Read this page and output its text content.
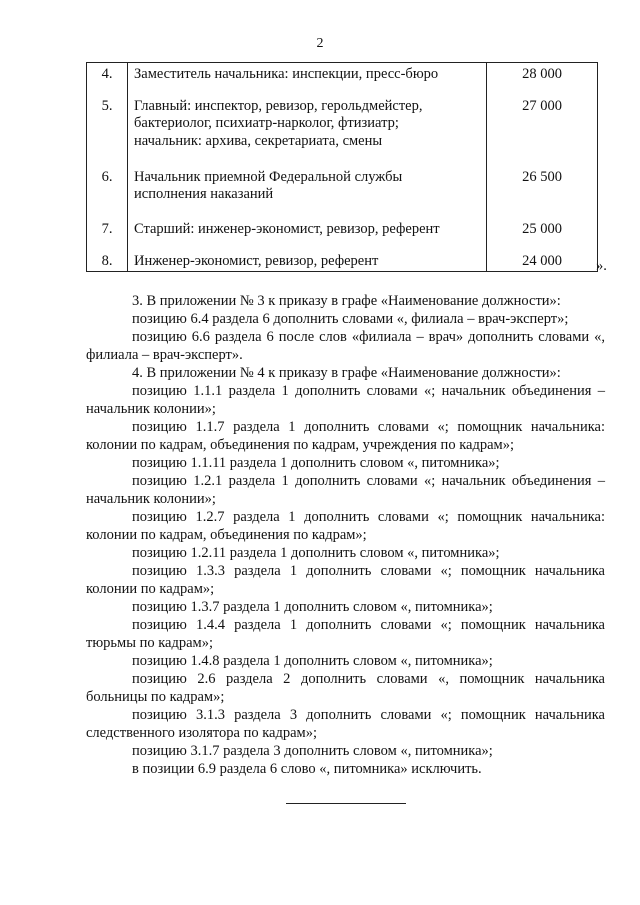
2
4.	Заместитель начальника: инспекции, пресс-бюро	28 000
5.	Главный: инспектор, ревизор, герольдмейстер,
бактериолог, психиатр-нарколог, фтизиатр;
начальник: архива, секретариата, смены	27 000
6.	Начальник приемной Федеральной службы
исполнения наказаний	26 500
7.	Старший: инженер-экономист, ревизор, референт	25 000
8.	Инженер-экономист, ревизор, референт	24 000 ».

3. В приложении № 3 к приказу в графе «Наименование должности»:

позицию 6.4 раздела 6 дополнить словами «, филиала – врач-эксперт»;

позицию 6.6 раздела 6 после слов «филиала – врач» дополнить словами «, филиала – врач-эксперт».

4. В приложении № 4 к приказу в графе «Наименование должности»:

позицию 1.1.1 раздела 1 дополнить словами «; начальник объединения – начальник колонии»;

позицию 1.1.7 раздела 1 дополнить словами «; помощник начальника: колонии по кадрам, объединения по кадрам, учреждения по кадрам»;

позицию 1.1.11 раздела 1 дополнить словом «, питомника»;

позицию 1.2.1 раздела 1 дополнить словами «; начальник объединения – начальник колонии»;

позицию 1.2.7 раздела 1 дополнить словами «; помощник начальника: колонии по кадрам, объединения по кадрам»;

позицию 1.2.11 раздела 1 дополнить словом «, питомника»;

позицию 1.3.3 раздела 1 дополнить словами «; помощник начальника колонии по кадрам»;

позицию 1.3.7 раздела 1 дополнить словом «, питомника»;

позицию 1.4.4 раздела 1 дополнить словами «; помощник начальника тюрьмы по кадрам»;

позицию 1.4.8 раздела 1 дополнить словом «, питомника»;

позицию 2.6 раздела 2 дополнить словами «, помощник начальника больницы по кадрам»;

позицию 3.1.3 раздела 3 дополнить словами «; помощник начальника следственного изолятора по кадрам»;

позицию 3.1.7 раздела 3 дополнить словом «, питомника»;

в позиции 6.9 раздела 6 слово «, питомника» исключить.
